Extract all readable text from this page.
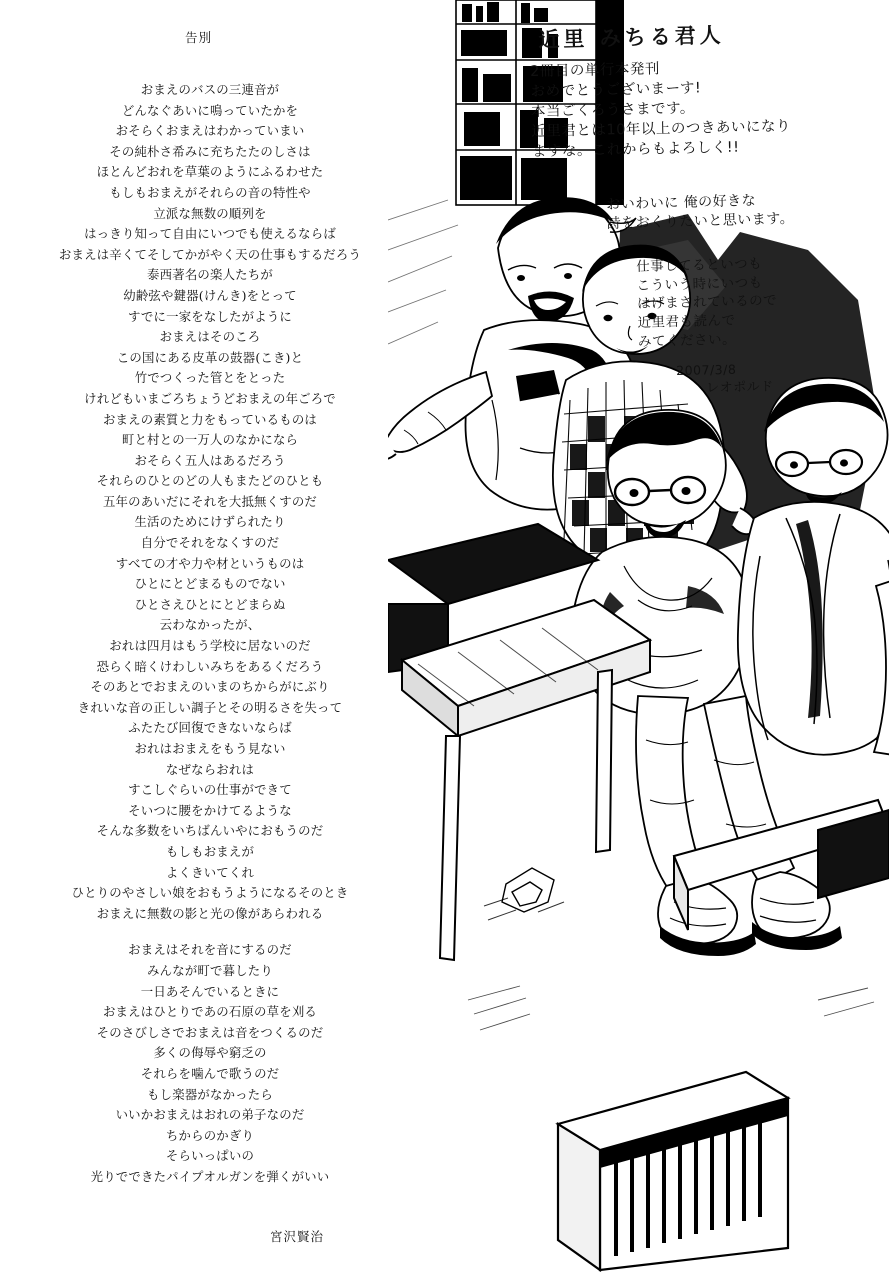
告別
おまえのバスの三連音が
どんなぐあいに鳴っていたかを
おそらくおまえはわかっていまい
その純朴さ希みに充ちたたのしさは
ほとんどおれを草葉のようにふるわせた
もしもおまえがそれらの音の特性や
立派な無数の順列を
はっきり知って自由にいつでも使えるならば
おまえは辛くてそしてかがやく天の仕事もするだろう
泰西著名の楽人たちが
幼齢弦や鍵器(けんき)をとって
すでに一家をなしたがように
おまえはそのころ
この国にある皮革の鼓器(こき)と
竹でつくった管とをとった
けれどもいまごろちょうどおまえの年ごろで
おまえの素質と力をもっているものは
町と村との一万人のなかになら
おそらく五人はあるだろう
それらのひとのどの人もまたどのひとも
五年のあいだにそれを大抵無くすのだ
生活のためにけずられたり
自分でそれをなくすのだ
すべての才や力や材というものは
ひとにとどまるものでない
ひとさえひとにとどまらぬ
云わなかったが、
おれは四月はもう学校に居ないのだ
恐らく暗くけわしいみちをあるくだろう
そのあとでおまえのいまのちからがにぶり
きれいな音の正しい調子とその明るさを失って
ふたたび回復できないならば
おれはおまえをもう見ない
なぜならおれは
すこしぐらいの仕事ができて
そいつに腰をかけてるような
そんな多数をいちばんいやにおもうのだ
もしもおまえが
よくきいてくれ
ひとりのやさしい娘をおもうようになるそのとき
おまえに無数の影と光の像があらわれる
おまえはそれを音にするのだ
みんなが町で暮したり
一日あそんでいるときに
おまえはひとりであの石原の草を刈る
そのさびしさでおまえは音をつくるのだ
多くの侮辱や窮乏の
それらを噛んで歌うのだ
もし楽器がなかったら
いいかおまえはおれの弟子なのだ
ちからのかぎり
そらいっぱいの
光りでできたパイプオルガンを弾くがいい
宮沢賢治
近里 みちる君人
2冊目の単行本発刊
おめでとうございまーす!
本当ごくろうさまです。
近里君とは10年以上のつきあいになり
ますな。これからもよろしく!!
おいわいに 俺の好きな
詩をおくりたいと思います。
仕事してるといつも
こういう時にいつも
はげまされているので
近里君も読んで
みてください。
2007/3/8
レオポルド
